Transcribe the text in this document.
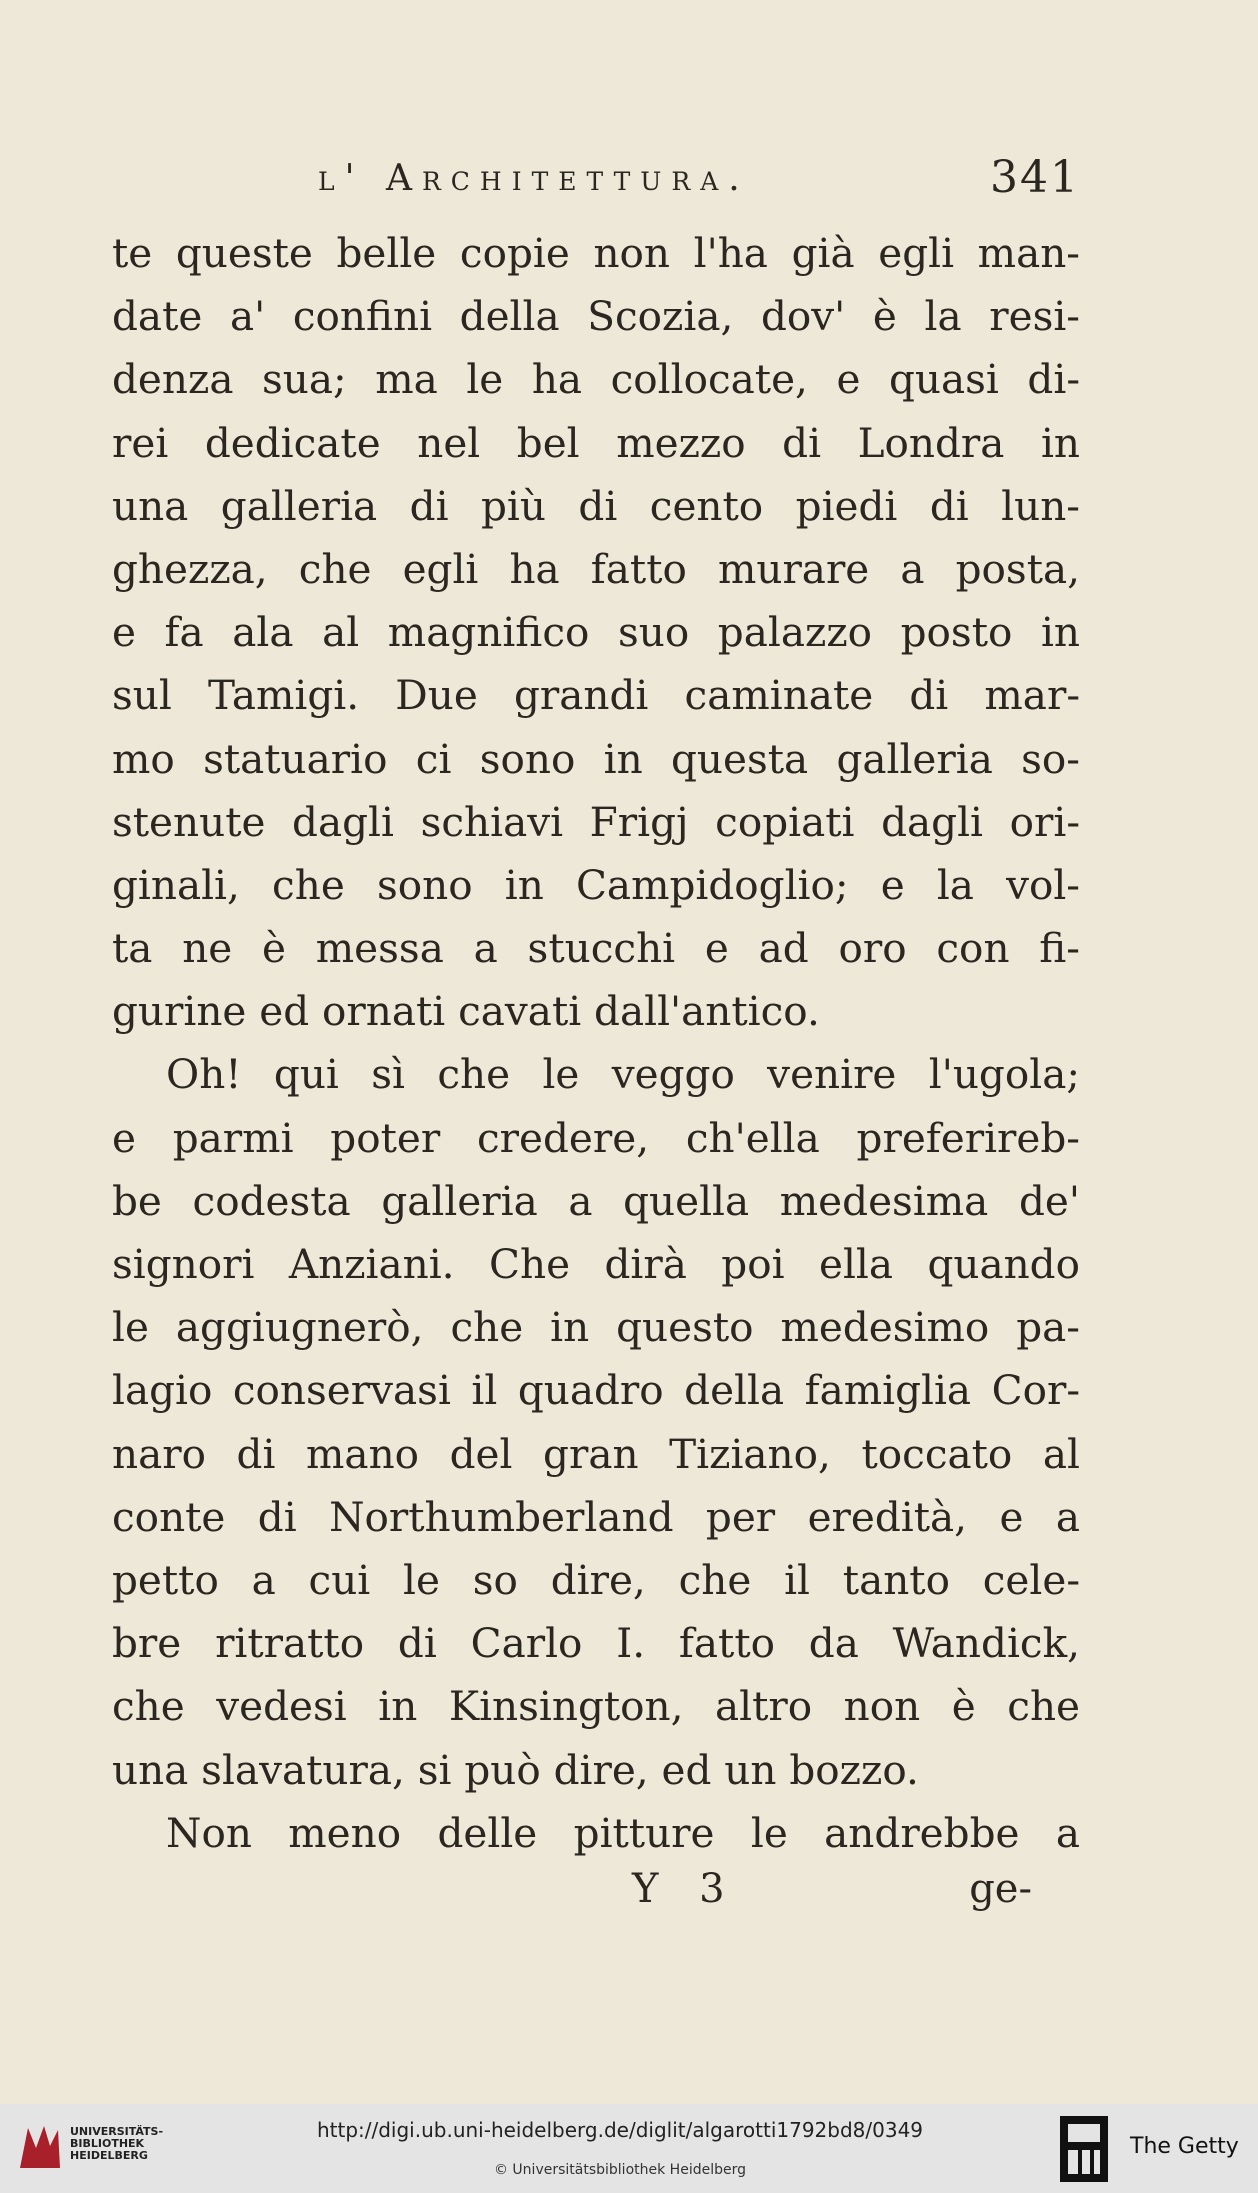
l' Architettura.	341
te queste belle copie non l'ha già egli man-
date a' confini della Scozia, dov' è la resi-
denza sua; ma le ha collocate, e quasi di-
rei dedicate nel bel mezzo di Londra in
una galleria di più di cento piedi di lun-
ghezza, che egli ha fatto murare a posta,
e fa ala al magnifico suo palazzo posto in
sul Tamigi. Due grandi caminate di mar-
mo statuario ci sono in questa galleria so-
stenute dagli schiavi Frigj copiati dagli ori-
ginali, che sono in Campidoglio; e la vol-
ta ne è messa a stucchi e ad oro con fi-
gurine ed ornati cavati dall'antico.
Oh! qui sì che le veggo venire l'ugola;
e parmi poter credere, ch'ella preferireb-
be codesta galleria a quella medesima de'
signori Anziani. Che dirà poi ella quando
le aggiugnerò, che in questo medesimo pa-
lagio conservasi il quadro della famiglia Cor-
naro di mano del gran Tiziano, toccato al
conte di Northumberland per eredità, e a
petto a cui le so dire, che il tanto cele-
bre ritratto di Carlo I. fatto da Wandick,
che vedesi in Kinsington, altro non è che
una slavatura, si può dire, ed un bozzo.
Non meno delle pitture le andrebbe a
Y 3	ge-
UNIVERSITÄTS-
BIBLIOTHEK
HEIDELBERG
http://digi.ub.uni-heidelberg.de/diglit/algarotti1792bd8/0349
© Universitätsbibliothek Heidelberg
The Getty
